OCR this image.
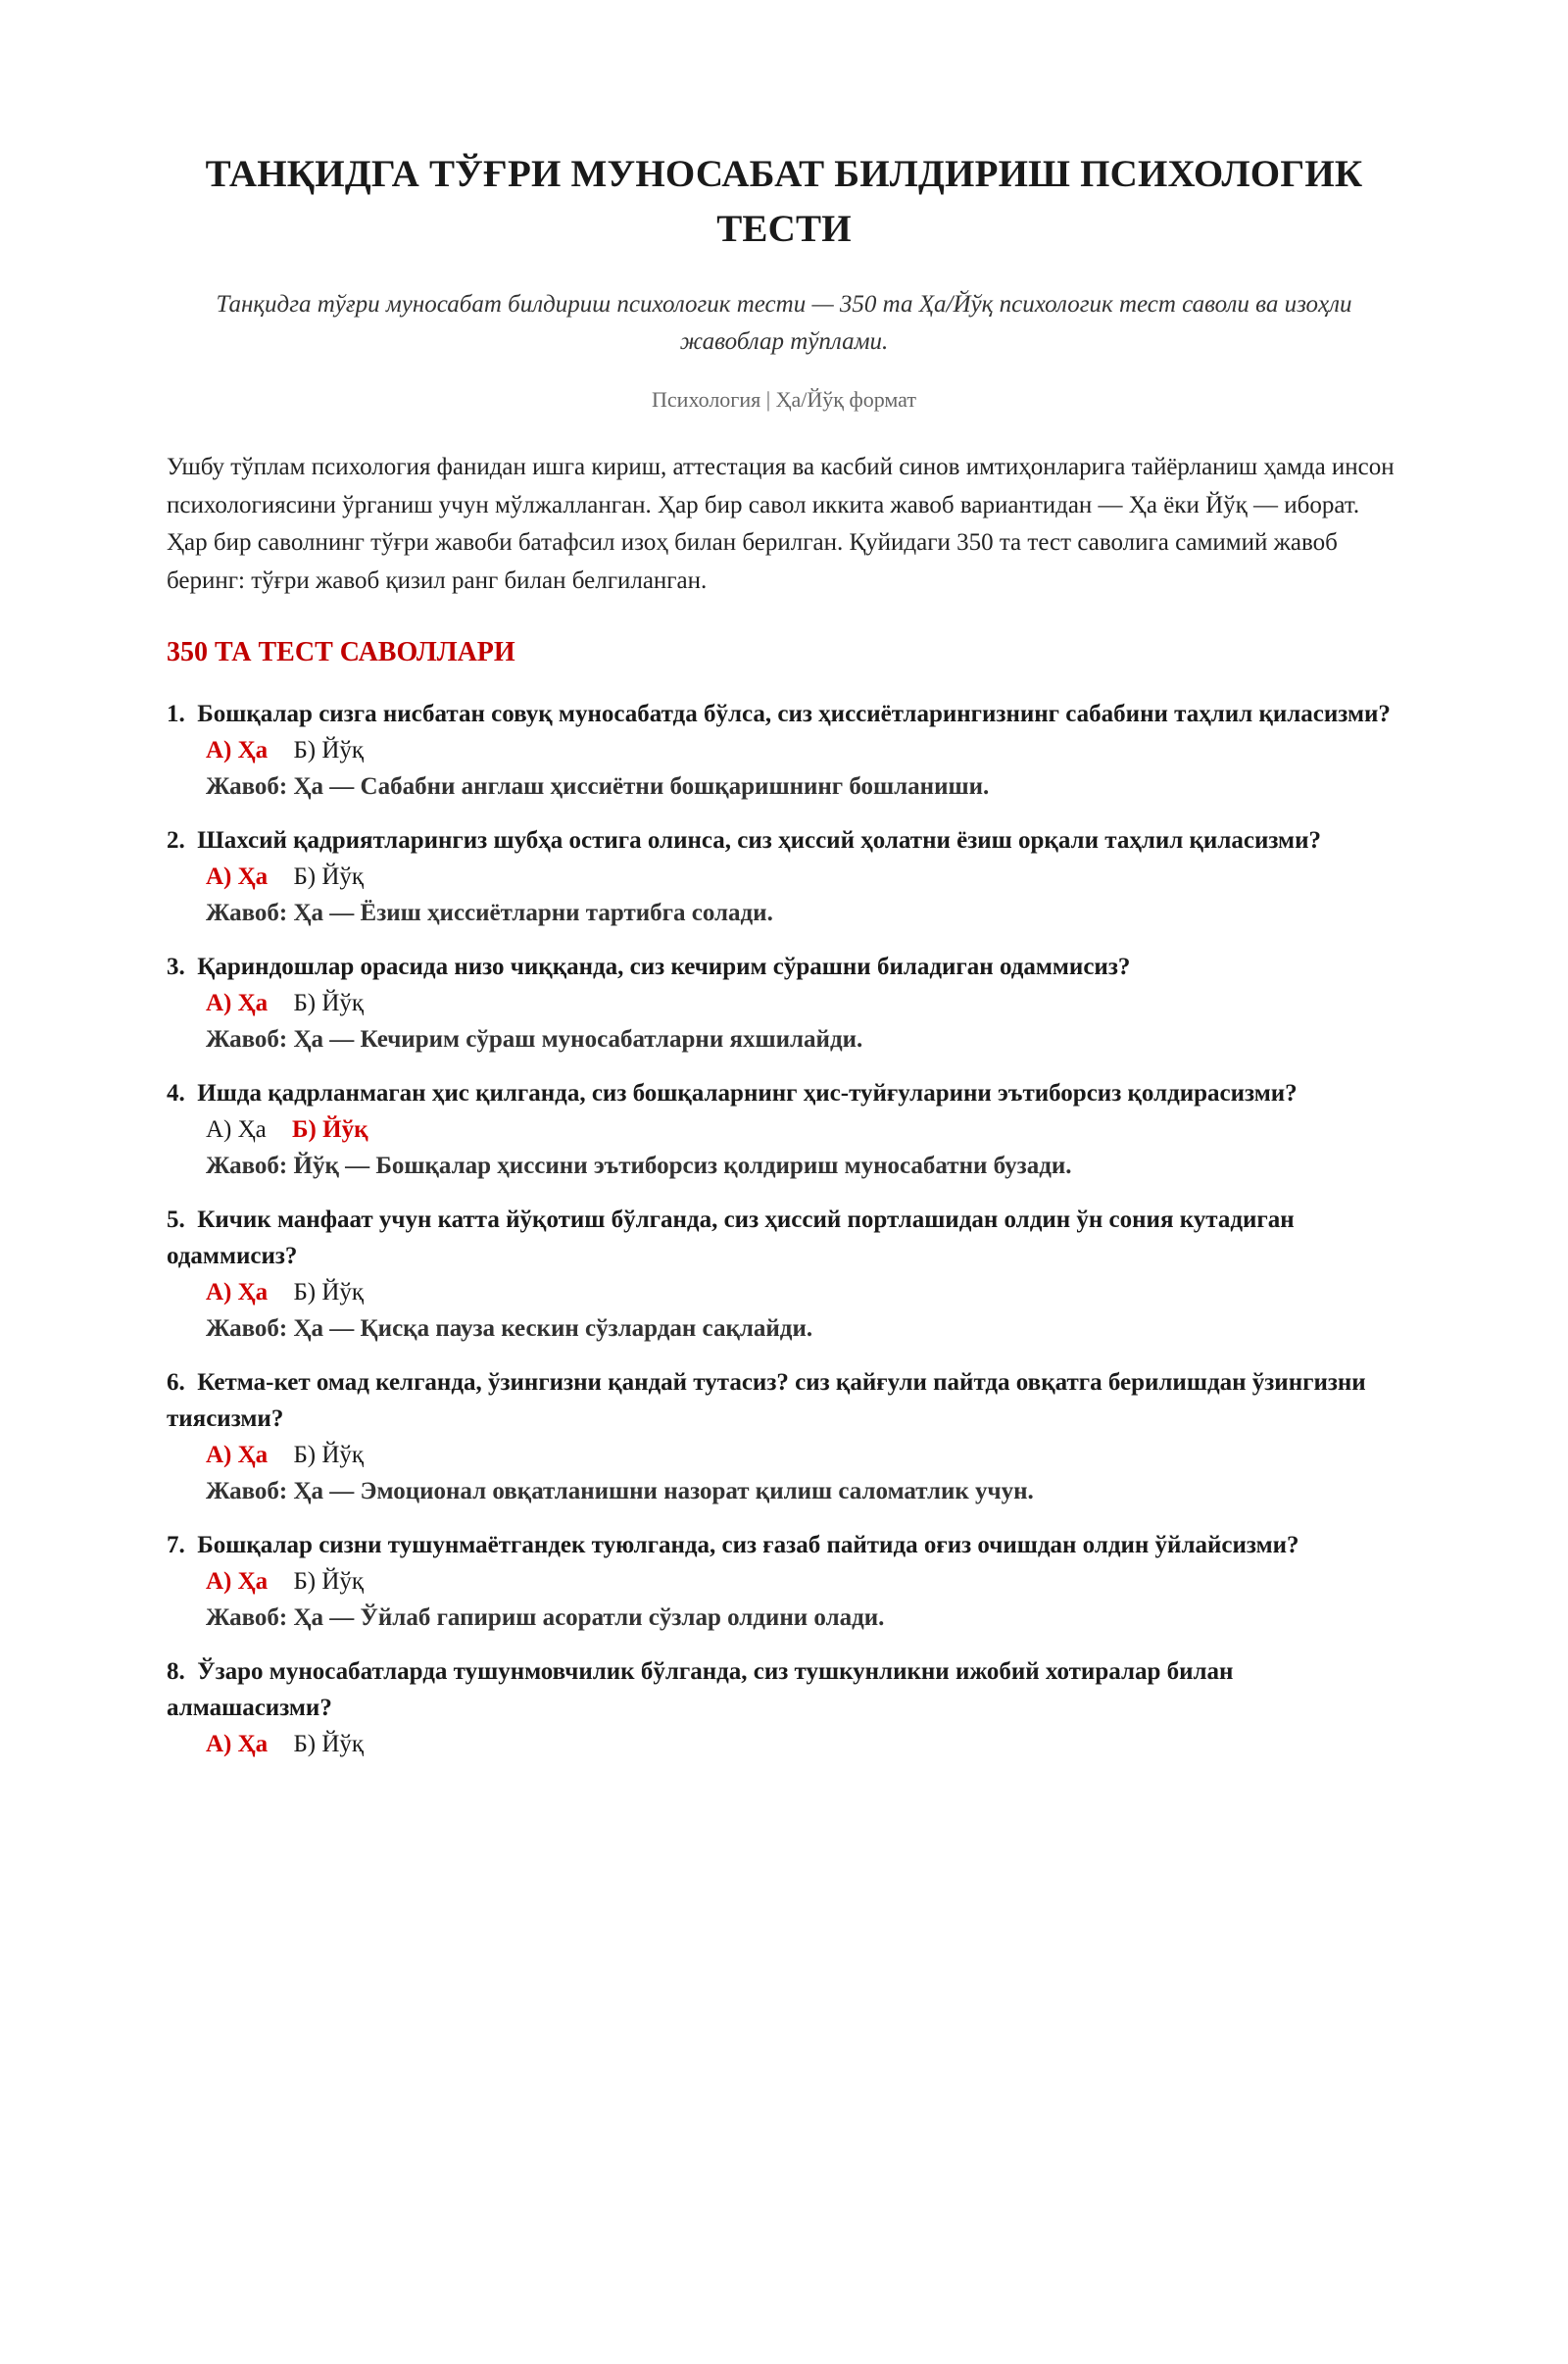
ТАНҚИДГА ТЎҒРИ МУНОСАБАТ БИЛДИРИШ ПСИХОЛОГИК ТЕСТИ

Танқидга тўғри муносабат билдириш психологик тести — 350 та Ҳа/Йўқ психологик тест саволи ва изоҳли жавоблар тўплами.

Психология | Ҳа/Йўқ формат

Ушбу тўплам психология фанидан ишга кириш, аттестация ва касбий синов имтиҳонларига тайёрланиш ҳамда инсон психологиясини ўрганиш учун мўлжалланган. Ҳар бир савол иккита жавоб вариантидан — Ҳа ёки Йўқ — иборат. Ҳар бир саволнинг тўғри жавоби батафсил изоҳ билан берилган. Қуйидаги 350 та тест саволига самимий жавоб беринг: тўғри жавоб қизил ранг билан белгиланган.

350 ТА ТЕСТ САВОЛЛАРИ
1. Бошқалар сизга нисбатан совуқ муносабатда бўлса, сиз ҳиссиётларингизнинг сабабини таҳлил қиласизми?
А) Ҳа Б) Йўқ
Жавоб: Ҳа — Сабабни англаш ҳиссиётни бошқаришнинг бошланиши.
2. Шахсий қадриятларингиз шубҳа остига олинса, сиз ҳиссий ҳолатни ёзиш орқали таҳлил қиласизми?
А) Ҳа Б) Йўқ
Жавоб: Ҳа — Ёзиш ҳиссиётларни тартибга солади.
3. Қариндошлар орасида низо чиққанда, сиз кечирим сўрашни биладиган одаммисиз?
А) Ҳа Б) Йўқ
Жавоб: Ҳа — Кечирим сўраш муносабатларни яхшилайди.
4. Ишда қадрланмаган ҳис қилганда, сиз бошқаларнинг ҳис-туйғуларини эътиборсиз қолдирасизми?
А) Ҳа Б) Йўқ
Жавоб: Йўқ — Бошқалар ҳиссини эътиборсиз қолдириш муносабатни бузади.
5. Кичик манфаат учун катта йўқотиш бўлганда, сиз ҳиссий портлашидан олдин ўн сония кутадиган одаммисиз?
А) Ҳа Б) Йўқ
Жавоб: Ҳа — Қисқа пауза кескин сўзлардан сақлайди.
6. Кетма-кет омад келганда, ўзингизни қандай тутасиз? сиз қайғули пайтда овқатга берилишдан ўзингизни тиясизми?
А) Ҳа Б) Йўқ
Жавоб: Ҳа — Эмоционал овқатланишни назорат қилиш саломатлик учун.
7. Бошқалар сизни тушунмаётгандек туюлганда, сиз ғазаб пайтида оғиз очишдан олдин ўйлайсизми?
А) Ҳа Б) Йўқ
Жавоб: Ҳа — Ўйлаб гапириш асоратли сўзлар олдини олади.
8. Ўзаро муносабатларда тушунмовчилик бўлганда, сиз тушкунликни ижобий хотиралар билан алмашасизми?
А) Ҳа Б) Йўқ
